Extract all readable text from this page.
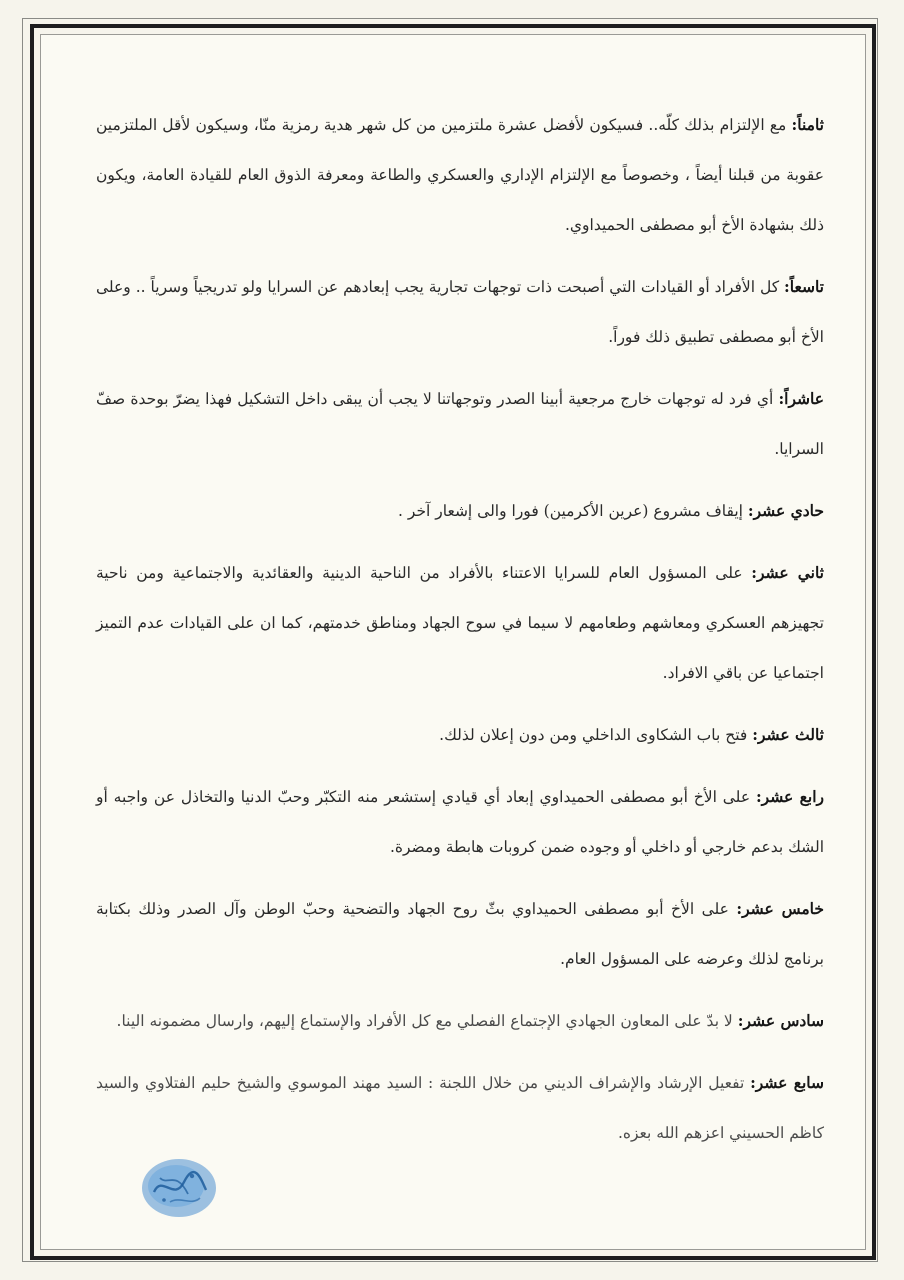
ثامناً: مع الإلتزام بذلك كلّه.. فسيكون لأفضل عشرة ملتزمين من كل شهر هدية رمزية منّا، وسيكون لأقل الملتزمين عقوبة من قبلنا أيضاً ، وخصوصاً مع الإلتزام الإداري والعسكري والطاعة ومعرفة الذوق العام للقيادة العامة، ويكون ذلك بشهادة الأخ أبو مصطفى الحميداوي.

تاسعاً: كل الأفراد أو القيادات التي أصبحت ذات توجهات تجارية يجب إبعادهم عن السرايا ولو تدريجياً وسرياً .. وعلى الأخ أبو مصطفى تطبيق ذلك فوراً.

عاشراً: أي فرد له توجهات خارج مرجعية أبينا الصدر وتوجهاتنا لا يجب أن يبقى داخل التشكيل فهذا يضرّ بوحدة صفّ السرايا.

حادي عشر: إيقاف مشروع (عرين الأكرمين) فورا والى إشعار آخر .

ثاني عشر: على المسؤول العام للسرايا الاعتناء بالأفراد من الناحية الدينية والعقائدية والاجتماعية ومن ناحية تجهيزهم العسكري ومعاشهم وطعامهم لا سيما في سوح الجهاد ومناطق خدمتهم، كما ان على القيادات عدم التميز اجتماعيا عن باقي الافراد.

ثالث عشر: فتح باب الشكاوى الداخلي ومن دون إعلان لذلك.

رابع عشر: على الأخ أبو مصطفى الحميداوي إبعاد أي قيادي إستشعر منه التكبّر وحبّ الدنيا والتخاذل عن واجبه أو الشك بدعم خارجي أو داخلي أو وجوده ضمن كروبات هابطة ومضرة.

خامس عشر: على الأخ أبو مصطفى الحميداوي بثّ روح الجهاد والتضحية وحبّ الوطن وآل الصدر وذلك بكتابة برنامج لذلك وعرضه على المسؤول العام.

سادس عشر: لا بدّ على المعاون الجهادي الإجتماع الفصلي مع كل الأفراد والإستماع إليهم، وارسال مضمونه الينا.

سابع عشر: تفعيل الإرشاد والإشراف الديني من خلال اللجنة : السيد مهند الموسوي والشيخ حليم الفتلاوي والسيد كاظم الحسيني اعزهم الله بعزه.
